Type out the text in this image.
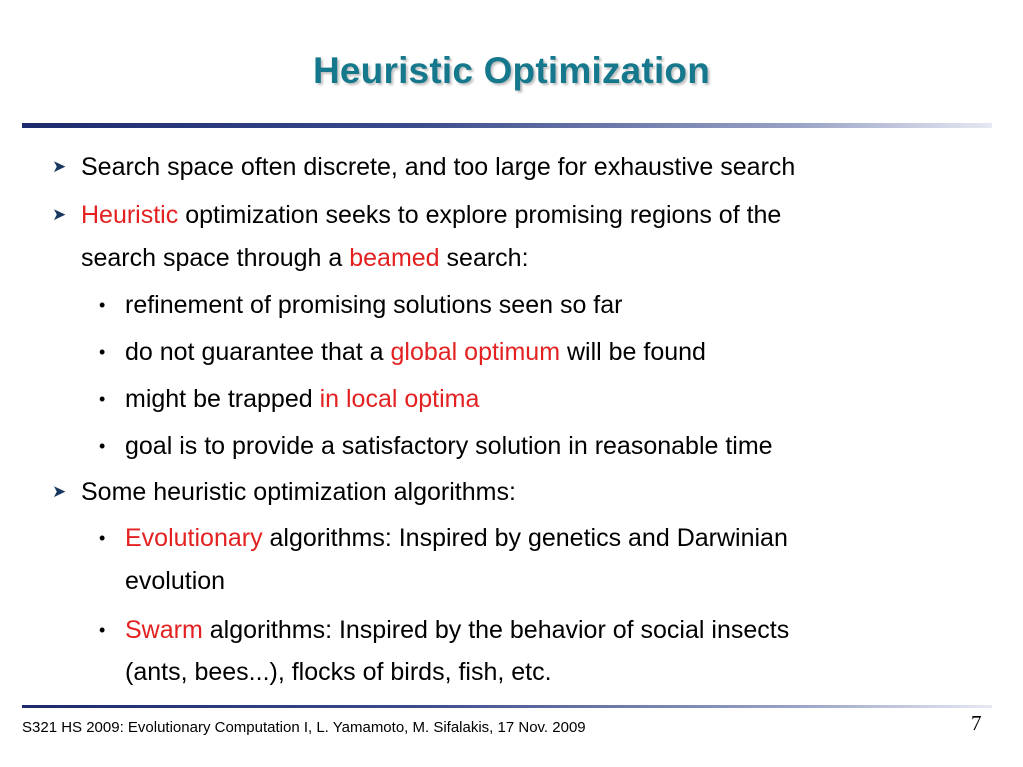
Heuristic Optimization
➤ Search space often discrete, and too large for exhaustive search
➤ Heuristic optimization seeks to explore promising regions of the
search space through a beamed search:
• refinement of promising solutions seen so far
• do not guarantee that a global optimum will be found
• might be trapped in local optima
• goal is to provide a satisfactory solution in reasonable time
➤ Some heuristic optimization algorithms:
• Evolutionary algorithms: Inspired by genetics and Darwinian
evolution
• Swarm algorithms: Inspired by the behavior of social insects
(ants, bees...), flocks of birds, fish, etc.
S321 HS 2009: Evolutionary Computation I, L. Yamamoto, M. Sifalakis, 17 Nov. 2009	7
